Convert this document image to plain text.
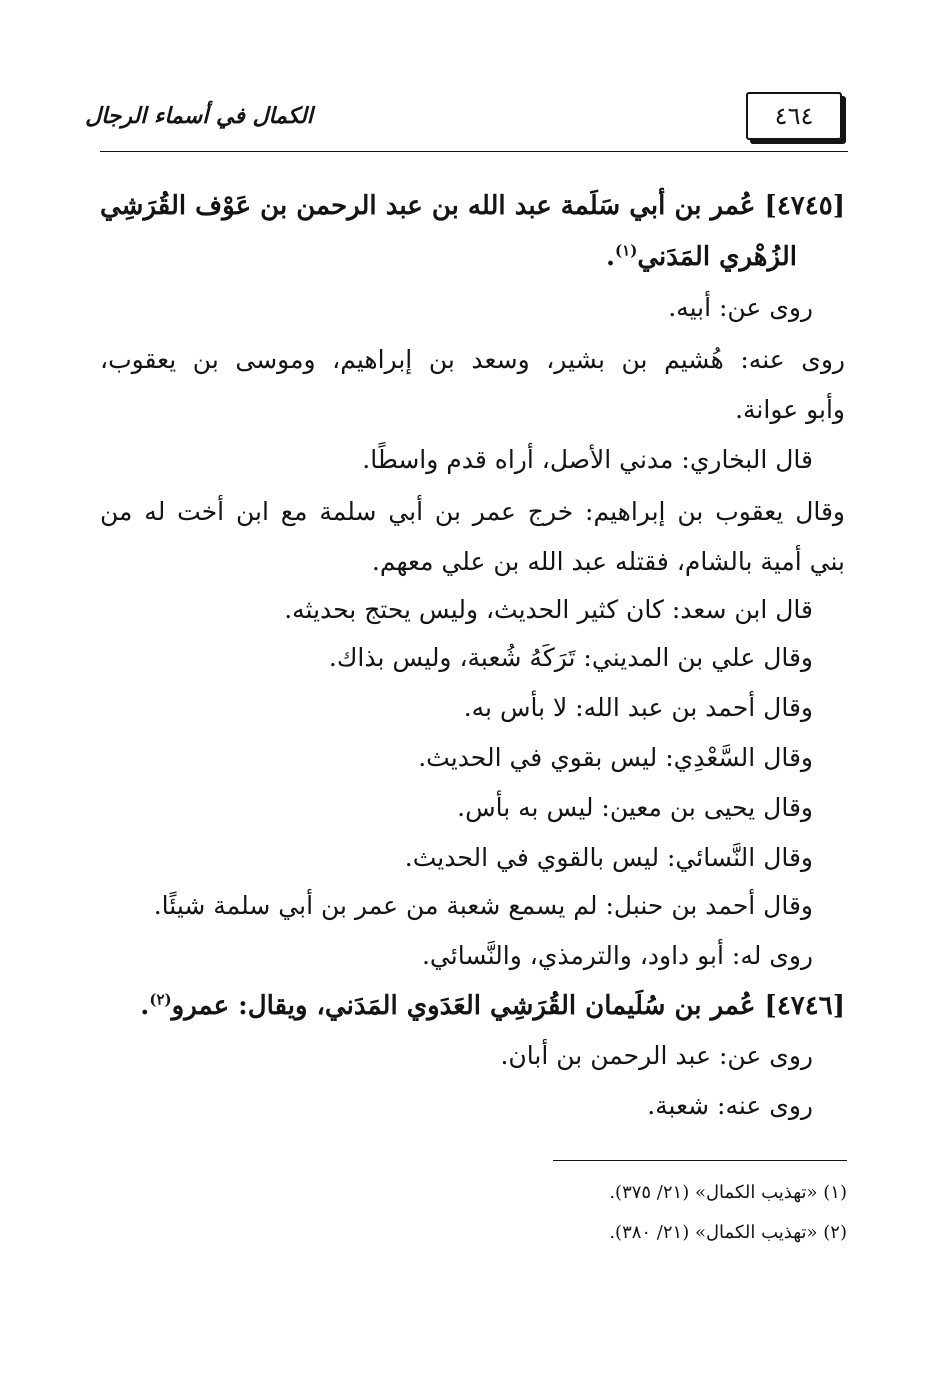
٤٦٤
الكمال في أسماء الرجال
[٤٧٤٥] عُمر بن أبي سَلَمة عبد الله بن عبد الرحمن بن عَوْف القُرَشِي
الزُهْري المَدَني$^{(١)}$.
روى عن: أبيه.
روى عنه: هُشيم بن بشير، وسعد بن إبراهيم، وموسى بن يعقوب،
وأبو عوانة.
قال البخاري: مدني الأصل، أراه قدم واسطًا.
وقال يعقوب بن إبراهيم: خرج عمر بن أبي سلمة مع ابن أخت له من
بني أمية بالشام، فقتله عبد الله بن علي معهم.
قال ابن سعد: كان كثير الحديث، وليس يحتج بحديثه.
وقال علي بن المديني: تَرَكَهُ شُعبة، وليس بذاك.
وقال أحمد بن عبد الله: لا بأس به.
وقال السَّعْدِي: ليس بقوي في الحديث.
وقال يحيى بن معين: ليس به بأس.
وقال النَّسائي: ليس بالقوي في الحديث.
وقال أحمد بن حنبل: لم يسمع شعبة من عمر بن أبي سلمة شيئًا.
روى له: أبو داود، والترمذي، والنَّسائي.
[٤٧٤٦] عُمر بن سُلَيمان القُرَشِي العَدَوي المَدَني، ويقال: عمرو$^{(٢)}$.
روى عن: عبد الرحمن بن أبان.
روى عنه: شعبة.
(١) «تهذيب الكمال» (٢١/ ٣٧٥).
(٢) «تهذيب الكمال» (٢١/ ٣٨٠).
